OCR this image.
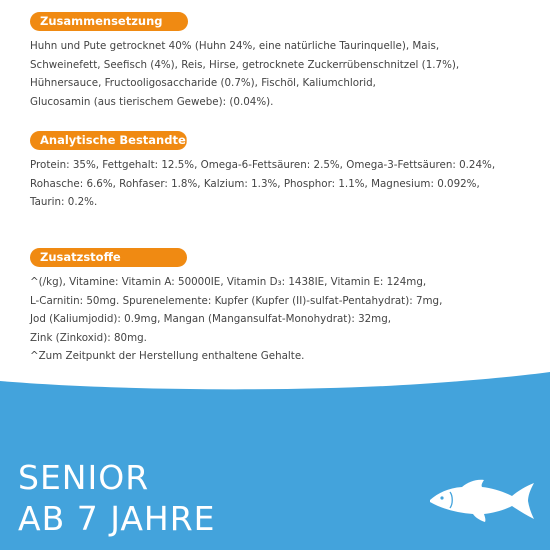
Zusammensetzung
Huhn und Pute getrocknet 40% (Huhn 24%, eine natürliche Taurinquelle), Mais,
Schweinefett, Seefisch (4%), Reis, Hirse, getrocknete Zuckerrübenschnitzel (1.7%),
Hühnersauce, Fructooligosaccharide (0.7%), Fischöl, Kaliumchlorid,
Glucosamin (aus tierischem Gewebe): (0.04%).
Analytische Bestandteile
Protein: 35%, Fettgehalt: 12.5%, Omega-6-Fettsäuren: 2.5%, Omega-3-Fettsäuren: 0.24%,
Rohasche: 6.6%, Rohfaser: 1.8%, Kalzium: 1.3%, Phosphor: 1.1%, Magnesium: 0.092%,
Taurin: 0.2%.
Zusatzstoffe
^(/kg), Vitamine: Vitamin A: 50000IE, Vitamin D₃: 1438IE, Vitamin E: 124mg,
L-Carnitin: 50mg. Spurenelemente: Kupfer (Kupfer (II)-sulfat-Pentahydrat): 7mg,
Jod (Kaliumjodid): 0.9mg, Mangan (Mangansulfat-Monohydrat): 32mg,
Zink (Zinkoxid): 80mg.
^Zum Zeitpunkt der Herstellung enthaltene Gehalte.
SENIOR
AB 7 JAHRE
